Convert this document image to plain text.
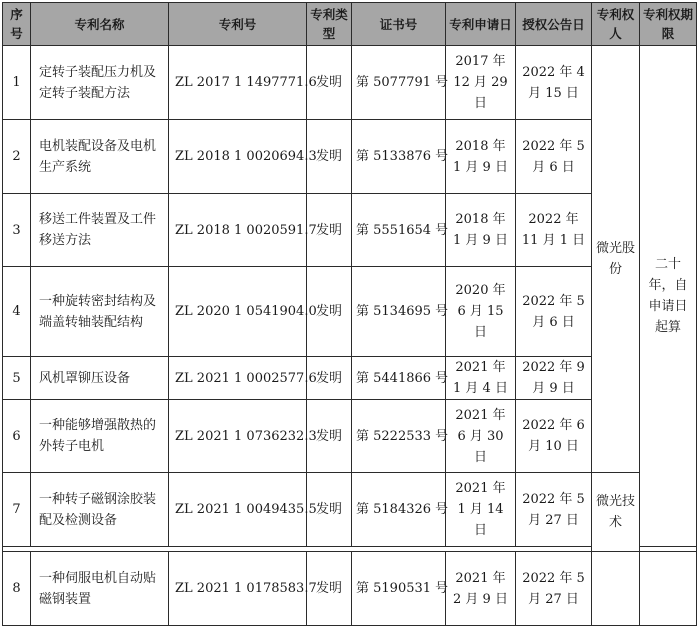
序号	专利名称	专利号	专利类型	证书号	专利申请日	授权公告日	专利权人	专利权期限
1	定转子装配压力机及定转子装配方法	ZL 2017 1 1497771.6	发明	第 5077791 号	2017 年 12 月 29 日	2022 年 4 月 15 日	微光股份	二十年，自申请日起算
2	电机装配设备及电机生产系统	ZL 2018 1 0020694.3	发明	第 5133876 号	2018 年 1 月 9 日	2022 年 5 月 6 日		
3	移送工件装置及工件移送方法	ZL 2018 1 0020591.7	发明	第 5551654 号	2018 年 1 月 9 日	2022 年 11 月 1 日		
4	一种旋转密封结构及端盖转轴装配结构	ZL 2020 1 0541904.0	发明	第 5134695 号	2020 年 6 月 15 日	2022 年 5 月 6 日		
5	风机罩铆压设备	ZL 2021 1 0002577.6	发明	第 5441866 号	2021 年 1 月 4 日	2022 年 9 月 9 日		
6	一种能够增强散热的外转子电机	ZL 2021 1 0736232.3	发明	第 5222533 号	2021 年 6 月 30 日	2022 年 6 月 10 日		
7	一种转子磁钢涂胶装配及检测设备	ZL 2021 1 0049435.5	发明	第 5184326 号	2021 年 1 月 14 日	2022 年 5 月 27 日	微光技术	

8	一种伺服电机自动贴磁钢装置	ZL 2021 1 0178583.7	发明	第 5190531 号	2021 年 2 月 9 日	2022 年 5 月 27 日		
